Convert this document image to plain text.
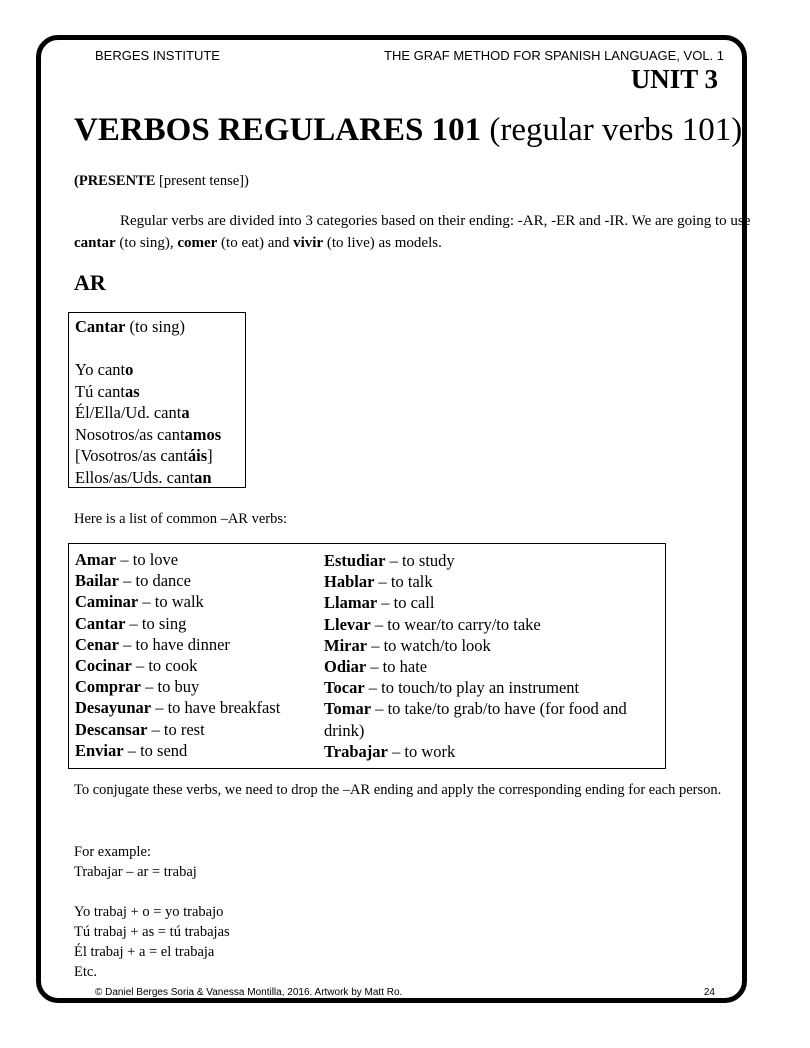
BERGES INSTITUTE	THE GRAF METHOD FOR SPANISH LANGUAGE, VOL. 1
UNIT 3
VERBOS REGULARES 101 (regular verbs 101)
(PRESENTE [present tense])
Regular verbs are divided into 3 categories based on their ending: -AR, -ER and -IR. We are going to use cantar (to sing), comer (to eat) and vivir (to live) as models.
AR
Cantar (to sing)
Yo canto
Tú cantas
Él/Ella/Ud. canta
Nosotros/as cantamos
[Vosotros/as cantáis]
Ellos/as/Uds. cantan
Here is a list of common –AR verbs:
Amar – to love
Bailar – to dance
Caminar – to walk
Cantar – to sing
Cenar – to have dinner
Cocinar – to cook
Comprar – to buy
Desayunar – to have breakfast
Descansar – to rest
Enviar – to send
Estudiar – to study
Hablar – to talk
Llamar – to call
Llevar – to wear/to carry/to take
Mirar – to watch/to look
Odiar – to hate
Tocar – to touch/to play an instrument
Tomar – to take/to grab/to have (for food and drink)
Trabajar – to work
To conjugate these verbs, we need to drop the –AR ending and apply the corresponding ending for each person.
For example:
Trabajar – ar = trabaj
Yo trabaj + o = yo trabajo
Tú trabaj + as = tú trabajas
Él trabaj + a = el trabaja
Etc.
© Daniel Berges Soria & Vanessa Montilla, 2016. Artwork by Matt Ro.	24
